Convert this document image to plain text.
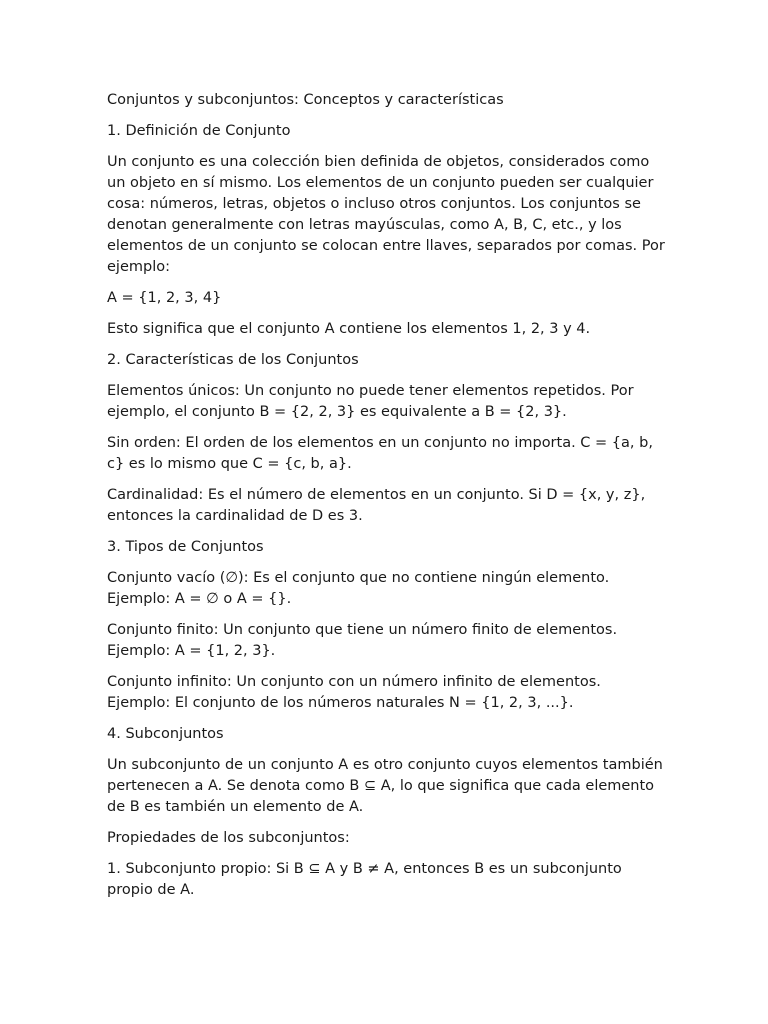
Conjuntos y subconjuntos: Conceptos y características

1. Definición de Conjunto

Un conjunto es una colección bien definida de objetos, considerados como un objeto en sí mismo. Los elementos de un conjunto pueden ser cualquier cosa: números, letras, objetos o incluso otros conjuntos. Los conjuntos se denotan generalmente con letras mayúsculas, como A, B, C, etc., y los elementos de un conjunto se colocan entre llaves, separados por comas. Por ejemplo:

A = {1, 2, 3, 4}

Esto significa que el conjunto A contiene los elementos 1, 2, 3 y 4.

2. Características de los Conjuntos

Elementos únicos: Un conjunto no puede tener elementos repetidos. Por ejemplo, el conjunto B = {2, 2, 3} es equivalente a B = {2, 3}.

Sin orden: El orden de los elementos en un conjunto no importa. C = {a, b, c} es lo mismo que C = {c, b, a}.

Cardinalidad: Es el número de elementos en un conjunto. Si D = {x, y, z}, entonces la cardinalidad de D es 3.

3. Tipos de Conjuntos

Conjunto vacío (∅): Es el conjunto que no contiene ningún elemento. Ejemplo: A = ∅ o A = {}.

Conjunto finito: Un conjunto que tiene un número finito de elementos. Ejemplo: A = {1, 2, 3}.

Conjunto infinito: Un conjunto con un número infinito de elementos. Ejemplo: El conjunto de los números naturales N = {1, 2, 3, ...}.

4. Subconjuntos

Un subconjunto de un conjunto A es otro conjunto cuyos elementos también pertenecen a A. Se denota como B ⊆ A, lo que significa que cada elemento de B es también un elemento de A.

Propiedades de los subconjuntos:

1. Subconjunto propio: Si B ⊆ A y B ≠ A, entonces B es un subconjunto propio de A.
